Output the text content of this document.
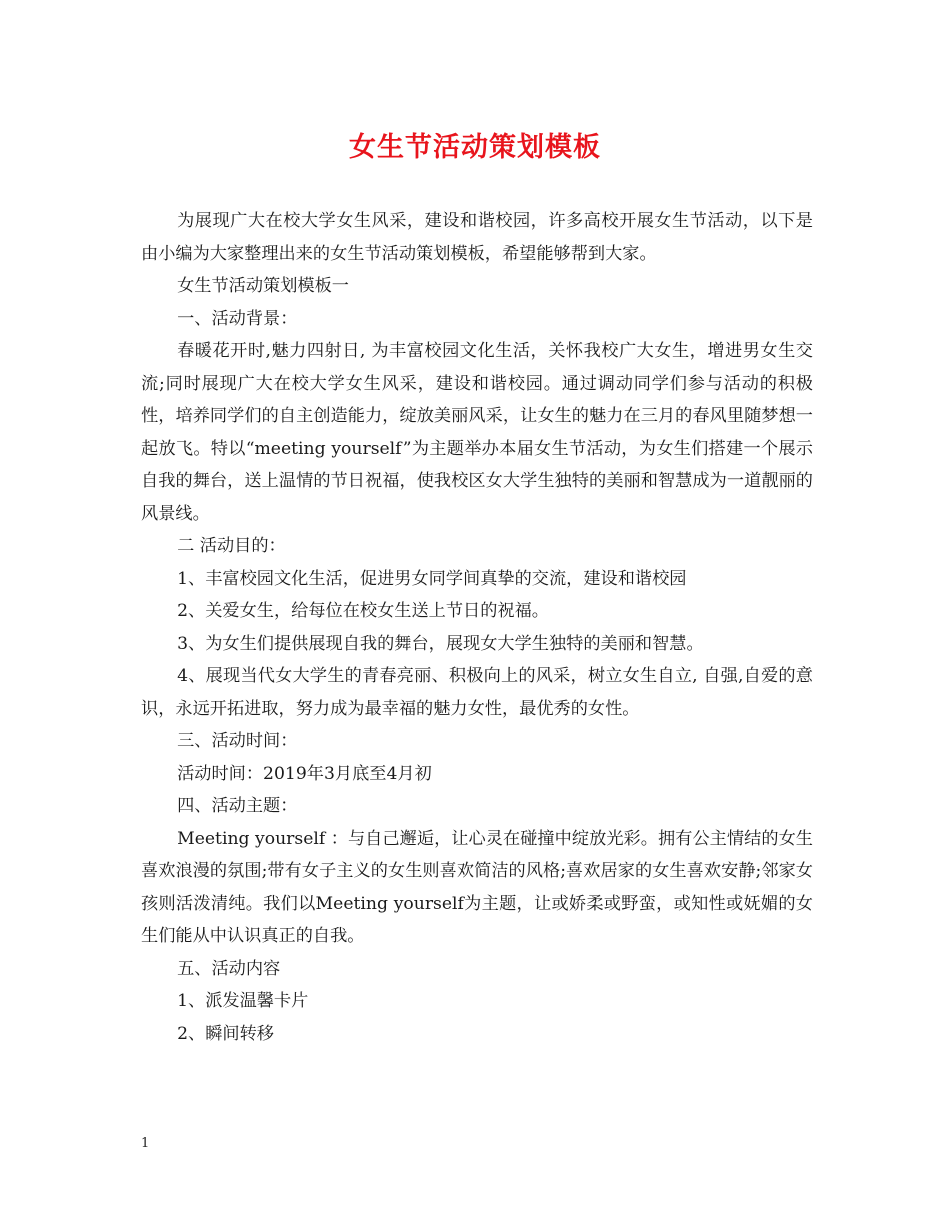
女生节活动策划模板

为展现广大在校大学女生风采，建设和谐校园，许多高校开展女生节活动，以下是由小编为大家整理出来的女生节活动策划模板，希望能够帮到大家。

女生节活动策划模板一

一、活动背景：

春暖花开时,魅力四射日, 为丰富校园文化生活，关怀我校广大女生，增进男女生交流;同时展现广大在校大学女生风采，建设和谐校园。通过调动同学们参与活动的积极性，培养同学们的自主创造能力，绽放美丽风采，让女生的魅力在三月的春风里随梦想一起放飞。特以“meeting yourself”为主题举办本届女生节活动，为女生们搭建一个展示自我的舞台，送上温情的节日祝福，使我校区女大学生独特的美丽和智慧成为一道靓丽的风景线。

二 活动目的：

1、丰富校园文化生活，促进男女同学间真挚的交流，建设和谐校园

2、关爱女生，给每位在校女生送上节日的祝福。

3、为女生们提供展现自我的舞台，展现女大学生独特的美丽和智慧。

4、展现当代女大学生的青春亮丽、积极向上的风采，树立女生自立, 自强,自爱的意识，永远开拓进取，努力成为最幸福的魅力女性，最优秀的女性。

三、活动时间：

活动时间：2019年3月底至4月初

四、活动主题：

Meeting yourself ：与自己邂逅，让心灵在碰撞中绽放光彩。拥有公主情结的女生喜欢浪漫的氛围;带有女子主义的女生则喜欢简洁的风格;喜欢居家的女生喜欢安静;邻家女孩则活泼清纯。我们以Meeting yourself为主题，让或娇柔或野蛮，或知性或妩媚的女生们能从中认识真正的自我。

五、活动内容

1、派发温馨卡片

2、瞬间转移

1
